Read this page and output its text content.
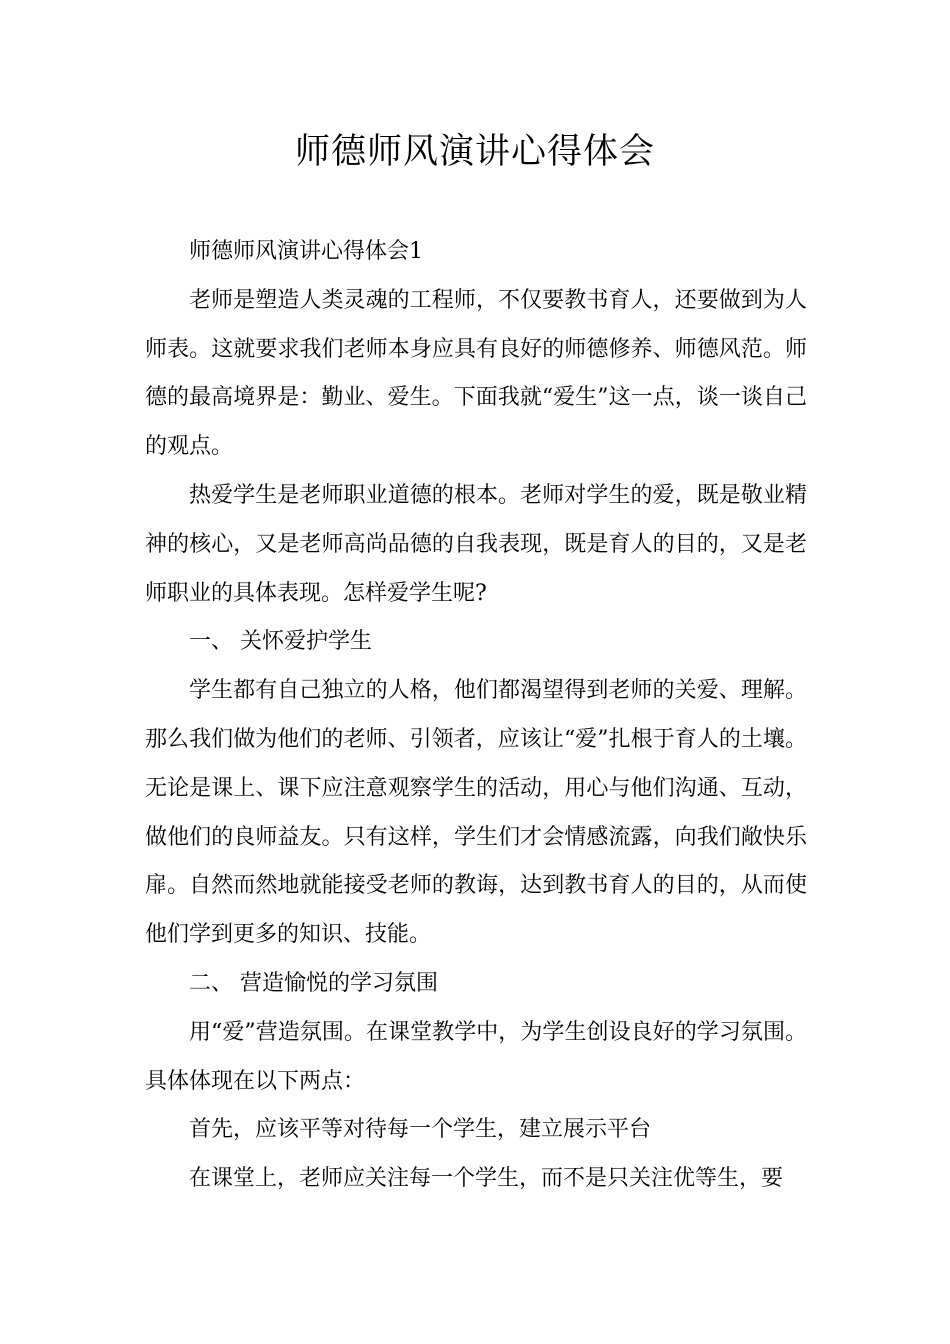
师德师风演讲心得体会

师德师风演讲心得体会1

老师是塑造人类灵魂的工程师，不仅要教书育人，还要做到为人师表。这就要求我们老师本身应具有良好的师德修养、师德风范。师德的最高境界是：勤业、爱生。下面我就“爱生”这一点，谈一谈自己的观点。

热爱学生是老师职业道德的根本。老师对学生的爱，既是敬业精神的核心，又是老师高尚品德的自我表现，既是育人的目的，又是老师职业的具体表现。怎样爱学生呢?

一、 关怀爱护学生

学生都有自己独立的人格，他们都渴望得到老师的关爱、理解。那么我们做为他们的老师、引领者，应该让“爱”扎根于育人的土壤。无论是课上、课下应注意观察学生的活动，用心与他们沟通、互动，做他们的良师益友。只有这样，学生们才会情感流露，向我们敞快乐扉。自然而然地就能接受老师的教诲，达到教书育人的目的，从而使他们学到更多的知识、技能。

二、 营造愉悦的学习氛围

用“爱”营造氛围。在课堂教学中，为学生创设良好的学习氛围。具体体现在以下两点：

首先，应该平等对待每一个学生，建立展示平台

在课堂上，老师应关注每一个学生，而不是只关注优等生，要
